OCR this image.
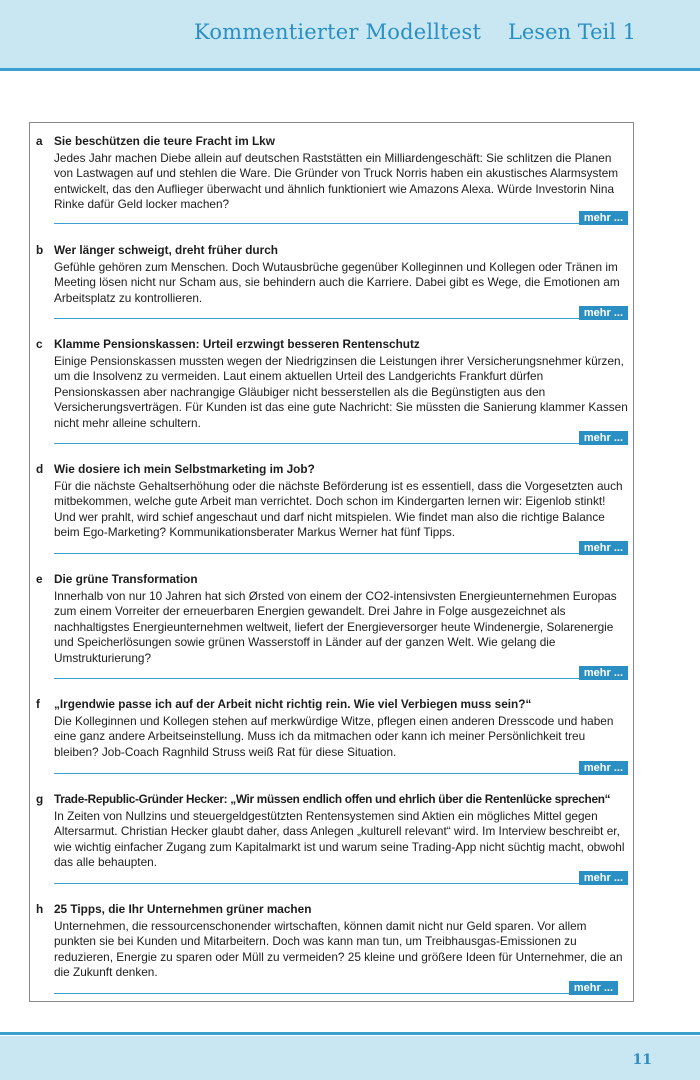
Kommentierter Modelltest Lesen Teil 1
a Sie beschützen die teure Fracht im Lkw

Jedes Jahr machen Diebe allein auf deutschen Raststätten ein Milliardengeschäft: Sie schlitzen die Planen von Lastwagen auf und stehlen die Ware. Die Gründer von Truck Norris haben ein akustisches Alarmsystem entwickelt, das den Auflieger überwacht und ähnlich funktioniert wie Amazons Alexa. Würde Investorin Nina Rinke dafür Geld locker machen?

mehr ...
b Wer länger schweigt, dreht früher durch

Gefühle gehören zum Menschen. Doch Wutausbrüche gegenüber Kolleginnen und Kollegen oder Tränen im Meeting lösen nicht nur Scham aus, sie behindern auch die Karriere. Dabei gibt es Wege, die Emotionen am Arbeitsplatz zu kontrollieren.

mehr ...
c Klamme Pensionskassen: Urteil erzwingt besseren Rentenschutz

Einige Pensionskassen mussten wegen der Niedrigzinsen die Leistungen ihrer Versicherungsnehmer kürzen, um die Insolvenz zu vermeiden. Laut einem aktuellen Urteil des Landgerichts Frankfurt dürfen Pensionskassen aber nachrangige Gläubiger nicht besserstellen als die Begünstigten aus den Versicherungsverträgen. Für Kunden ist das eine gute Nachricht: Sie müssten die Sanierung klammer Kassen nicht mehr alleine schultern.

mehr ...
d Wie dosiere ich mein Selbstmarketing im Job?

Für die nächste Gehaltserhöhung oder die nächste Beförderung ist es essentiell, dass die Vorgesetzten auch mitbekommen, welche gute Arbeit man verrichtet. Doch schon im Kindergarten lernen wir: Eigenlob stinkt! Und wer prahlt, wird schief angeschaut und darf nicht mitspielen. Wie findet man also die richtige Balance beim Ego-Marketing? Kommunikationsberater Markus Werner hat fünf Tipps.

mehr ...
e Die grüne Transformation

Innerhalb von nur 10 Jahren hat sich Ørsted von einem der CO2-intensivsten Energieunternehmen Europas zum einem Vorreiter der erneuerbaren Energien gewandelt. Drei Jahre in Folge ausgezeichnet als nachhaltigstes Energieunternehmen weltweit, liefert der Energieversorger heute Windenergie, Solarenergie und Speicherlösungen sowie grünen Wasserstoff in Länder auf der ganzen Welt. Wie gelang die Umstrukturierung?

mehr ...
f	„Irgendwie passe ich auf der Arbeit nicht richtig rein. Wie viel Verbiegen muss sein?“

Die Kolleginnen und Kollegen stehen auf merkwürdige Witze, pflegen einen anderen Dresscode und haben eine ganz andere Arbeitseinstellung. Muss ich da mitmachen oder kann ich meiner Persönlichkeit treu bleiben? Job-Coach Ragnhild Struss weiß Rat für diese Situation.

mehr ...
g Trade-Republic-Gründer Hecker: „Wir müssen endlich offen und ehrlich über die Rentenlücke sprechen“

In Zeiten von Nullzins und steuergeldgestützten Rentensystemen sind Aktien ein mögliches Mittel gegen Altersarmut. Christian Hecker glaubt daher, dass Anlegen „kulturell relevant“ wird. Im Interview beschreibt er, wie wichtig einfacher Zugang zum Kapitalmarkt ist und warum seine Trading-App nicht süchtig macht, obwohl das alle behaupten.

mehr ...
h 25 Tipps, die Ihr Unternehmen grüner machen

Unternehmen, die ressourcenschonender wirtschaften, können damit nicht nur Geld sparen. Vor allem punkten sie bei Kunden und Mitarbeitern. Doch was kann man tun, um Treibhausgas-Emissionen zu reduzieren, Energie zu sparen oder Müll zu vermeiden? 25 kleine und größere Ideen für Unternehmer, die an die Zukunft denken.

mehr ...
11
